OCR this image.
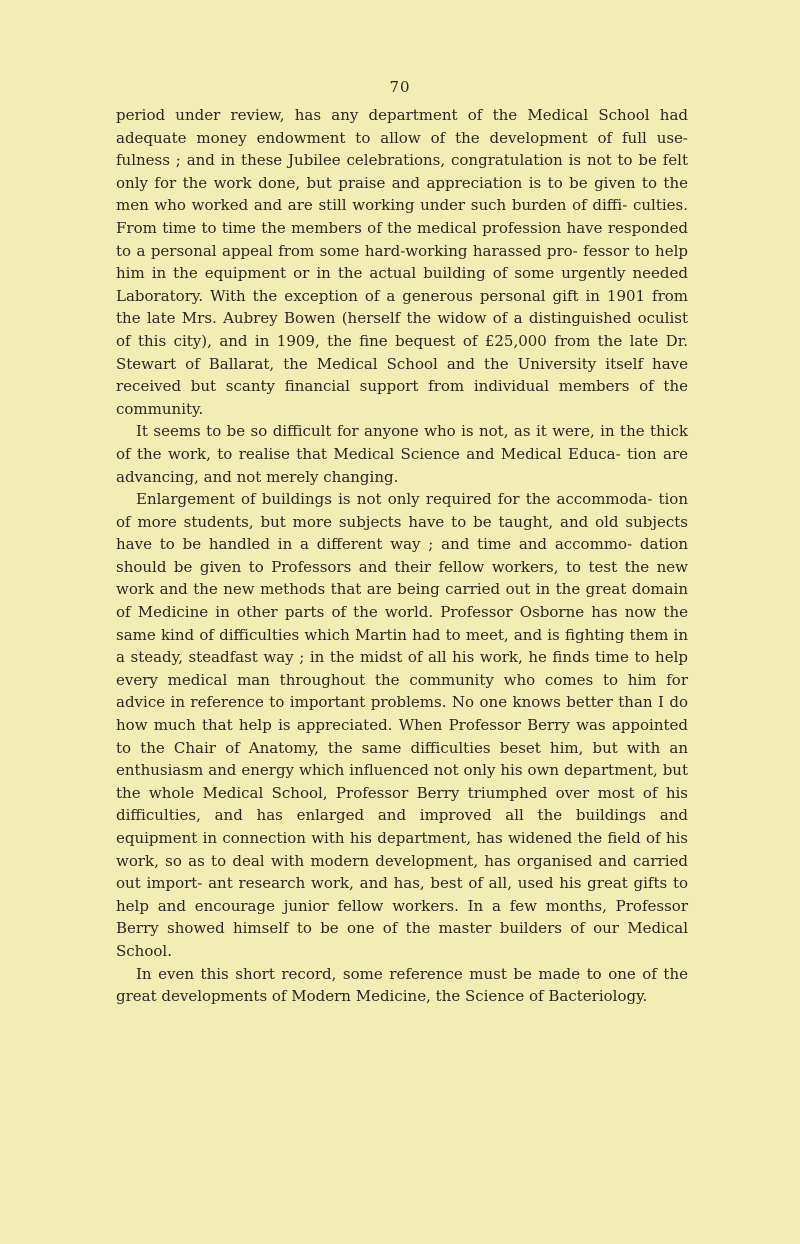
70

period under review, has any department of the Medical School had adequate money endowment to allow of the development of full use- fulness ; and in these Jubilee celebrations, congratulation is not to be felt only for the work done, but praise and appreciation is to be given to the men who worked and are still working under such burden of diffi- culties. From time to time the members of the medical profession have responded to a personal appeal from some hard-working harassed pro- fessor to help him in the equipment or in the actual building of some urgently needed Laboratory. With the exception of a generous personal gift in 1901 from the late Mrs. Aubrey Bowen (herself the widow of a distinguished oculist of this city), and in 1909, the fine bequest of £25,000 from the late Dr. Stewart of Ballarat, the Medical School and the University itself have received but scanty financial support from individual members of the community.

It seems to be so difficult for anyone who is not, as it were, in the thick of the work, to realise that Medical Science and Medical Educa- tion are advancing, and not merely changing.

Enlargement of buildings is not only required for the accommoda- tion of more students, but more subjects have to be taught, and old subjects have to be handled in a different way ; and time and accommo- dation should be given to Professors and their fellow workers, to test the new work and the new methods that are being carried out in the great domain of Medicine in other parts of the world. Professor Osborne has now the same kind of difficulties which Martin had to meet, and is fighting them in a steady, steadfast way ; in the midst of all his work, he finds time to help every medical man throughout the community who comes to him for advice in reference to important problems. No one knows better than I do how much that help is appreciated. When Professor Berry was appointed to the Chair of Anatomy, the same difficulties beset him, but with an enthusiasm and energy which influenced not only his own department, but the whole Medical School, Professor Berry triumphed over most of his difficulties, and has enlarged and improved all the buildings and equipment in connection with his department, has widened the field of his work, so as to deal with modern development, has organised and carried out import- ant research work, and has, best of all, used his great gifts to help and encourage junior fellow workers. In a few months, Professor Berry showed himself to be one of the master builders of our Medical School.

In even this short record, some reference must be made to one of the great developments of Modern Medicine, the Science of Bacteriology.
